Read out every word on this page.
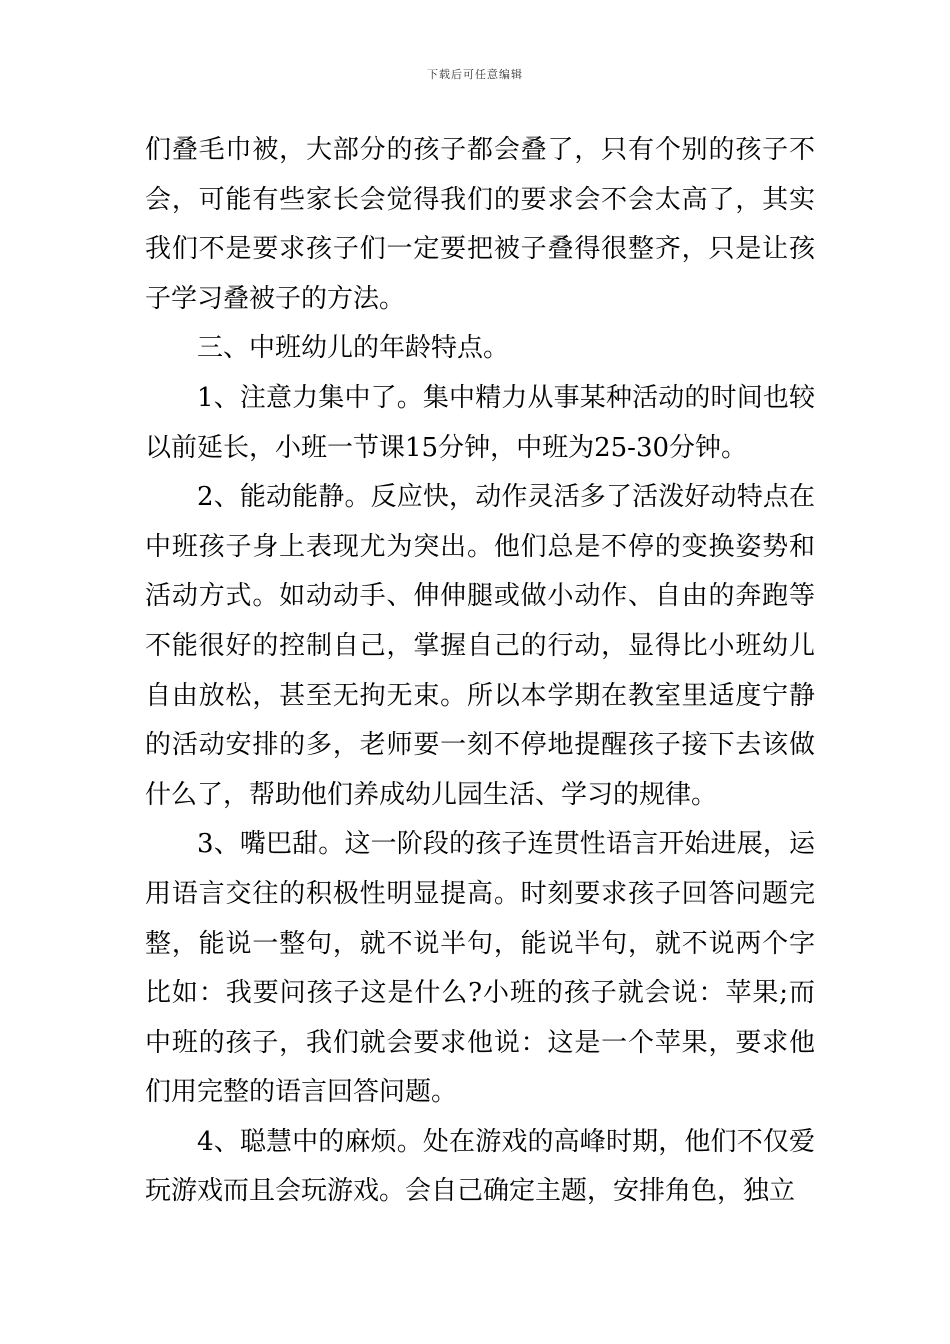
下载后可任意编辑

们叠毛巾被，大部分的孩子都会叠了，只有个别的孩子不会，可能有些家长会觉得我们的要求会不会太高了，其实我们不是要求孩子们一定要把被子叠得很整齐，只是让孩子学习叠被子的方法。

三、中班幼儿的年龄特点。

1、注意力集中了。集中精力从事某种活动的时间也较以前延长，小班一节课15分钟，中班为25-30分钟。

2、能动能静。反应快，动作灵活多了活泼好动特点在中班孩子身上表现尤为突出。他们总是不停的变换姿势和活动方式。如动动手、伸伸腿或做小动作、自由的奔跑等不能很好的控制自己，掌握自己的行动，显得比小班幼儿自由放松，甚至无拘无束。所以本学期在教室里适度宁静的活动安排的多，老师要一刻不停地提醒孩子接下去该做什么了，帮助他们养成幼儿园生活、学习的规律。

3、嘴巴甜。这一阶段的孩子连贯性语言开始进展，运用语言交往的积极性明显提高。时刻要求孩子回答问题完整，能说一整句，就不说半句，能说半句，就不说两个字比如：我要问孩子这是什么?小班的孩子就会说：苹果;而中班的孩子，我们就会要求他说：这是一个苹果，要求他们用完整的语言回答问题。

4、聪慧中的麻烦。处在游戏的高峰时期，他们不仅爱玩游戏而且会玩游戏。会自己确定主题，安排角色，独立
